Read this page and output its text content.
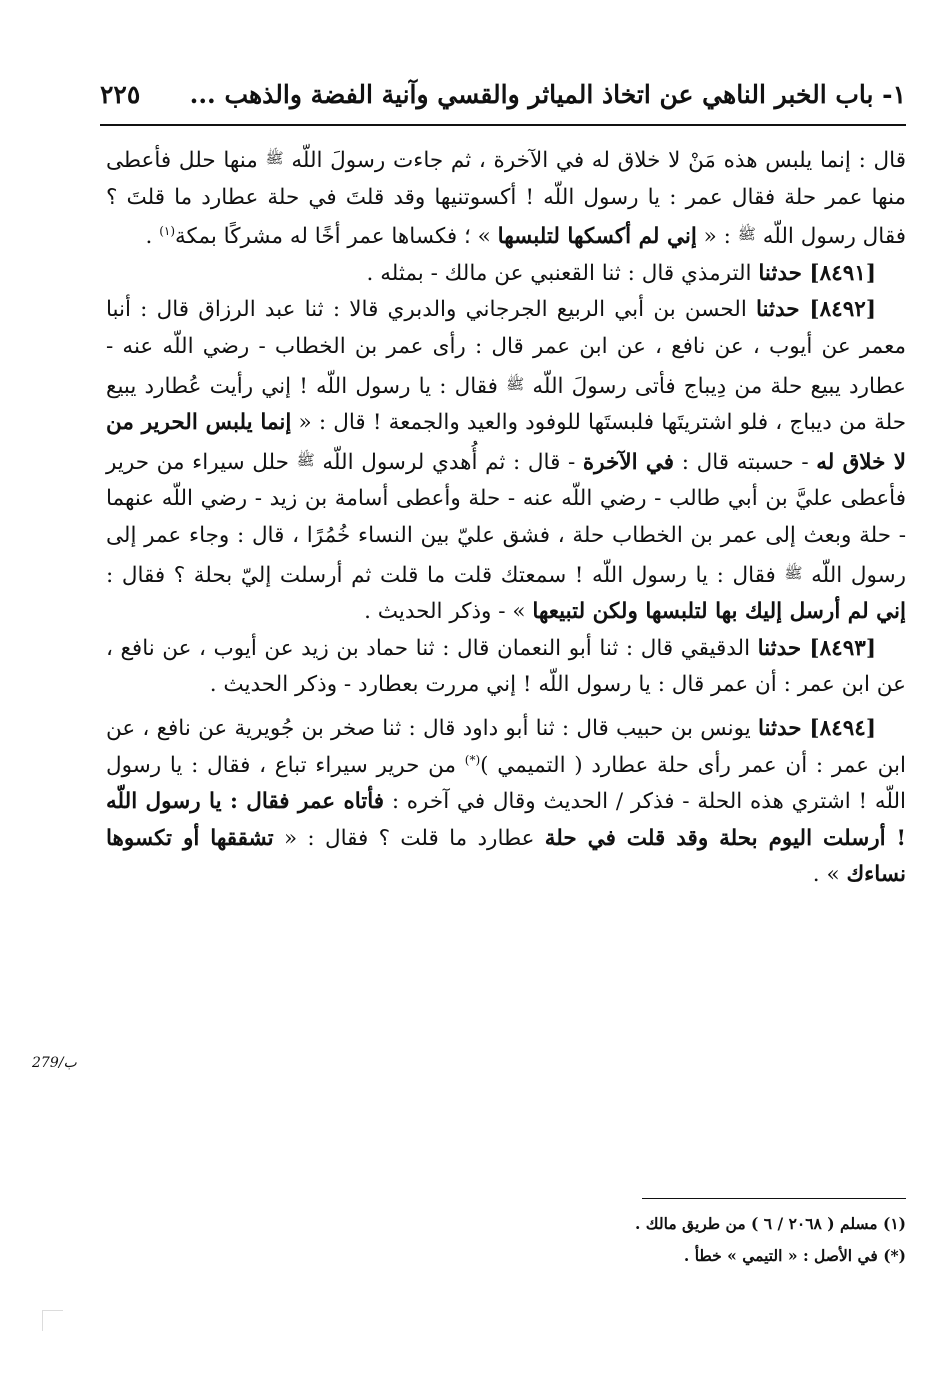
١- باب الخبر الناهي عن اتخاذ المياثر والقسي وآنية الفضة والذهب ...
٢٢٥

قال : إنما يلبس هذه مَنْ لا خلاق له في الآخرة ، ثم جاءت رسولَ اللّه ﷺ منها حلل فأعطى منها عمر حلة فقال عمر : يا رسول اللّه ! أكسوتنيها وقد قلتَ في حلة عطارد ما قلتَ ؟ فقال رسول اللّه ﷺ : « إني لم أكسكها لتلبسها » ؛ فكساها عمر أخًا له مشركًا بمكة$^{(١)}$ .

[٨٤٩١] حدثنا الترمذي قال : ثنا القعنبي عن مالك - بمثله .

[٨٤٩٢] حدثنا الحسن بن أبي الربيع الجرجاني والدبري قالا : ثنا عبد الرزاق قال : أنبا معمر عن أيوب ، عن نافع ، عن ابن عمر قال : رأى عمر بن الخطاب - رضي اللّه عنه - عطارد يبيع حلة من دِيباج فأتى رسولَ اللّه ﷺ فقال : يا رسول اللّه ! إني رأيت عُطارد يبيع حلة من ديباج ، فلو اشتريتَها فلبستَها للوفود والعيد والجمعة ! قال : « إنما يلبس الحرير من لا خلاق له - حسبته قال : في الآخرة - قال : ثم أُهدي لرسول اللّه ﷺ حلل سيراء من حرير فأعطى عليَّ بن أبي طالب - رضي اللّه عنه - حلة وأعطى أسامة بن زيد - رضي اللّه عنهما - حلة وبعث إلى عمر بن الخطاب حلة ، فشق عليّ بين النساء خُمُرًا ، قال : وجاء عمر إلى رسول اللّه ﷺ فقال : يا رسول اللّه ! سمعتك قلت ما قلت ثم أرسلت إليّ بحلة ؟ فقال : إني لم أرسل إليك بها لتلبسها ولكن لتبيعها » - وذكر الحديث .

[٨٤٩٣] حدثنا الدقيقي قال : ثنا أبو النعمان قال : ثنا حماد بن زيد عن أيوب ، عن نافع ، عن ابن عمر : أن عمر قال : يا رسول اللّه ! إني مررت بعطارد - وذكر الحديث .

[٨٤٩٤] حدثنا يونس بن حبيب قال : ثنا أبو داود قال : ثنا صخر بن جُويرية عن نافع ، عن ابن عمر : أن عمر رأى حلة عطارد ( التميمي )(*) من حرير سيراء تباع ، فقال : يا رسول اللّه ! اشتري هذه الحلة - فذكر / الحديث وقال في آخره : فأتاه عمر فقال : يا رسول اللّه ! أرسلت اليوم بحلة وقد قلت في حلة عطارد ما قلت ؟ فقال : « تشققها أو تكسوها نساءك » .

279/ب

(١) مسلم ( ٢٠٦٨ / ٦ ) من طريق مالك .

(*) في الأصل : « التيمي » خطأ .
